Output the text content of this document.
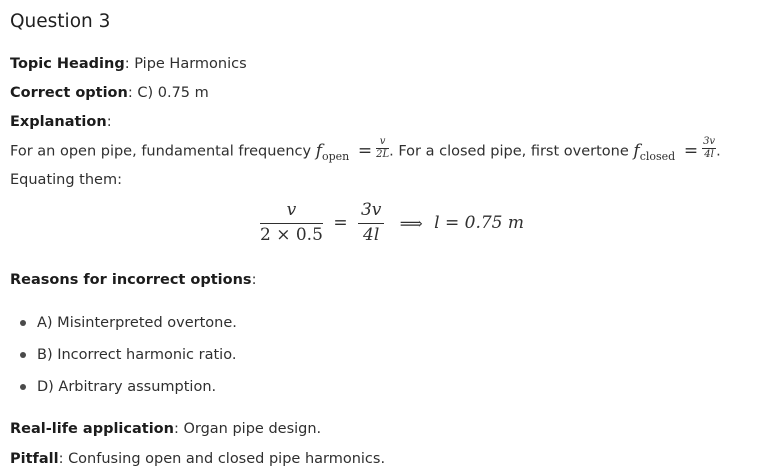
Question 3
Topic Heading: Pipe Harmonics
Correct option: C) 0.75 m
Explanation:
For an open pipe, fundamental frequency $f_{open} = \frac{v}{2L}$ . For a closed pipe, first overtone $f_{closed} = \frac{3v}{4l}$ .
Equating them:
$\frac{v}{2 \times 0.5} = \frac{3v}{4l}$ ⟹ l = 0.75 m
Reasons for incorrect options:
A) Misinterpreted overtone.
B) Incorrect harmonic ratio.
D) Arbitrary assumption.
Real-life application: Organ pipe design.
Pitfall: Confusing open and closed pipe harmonics.
